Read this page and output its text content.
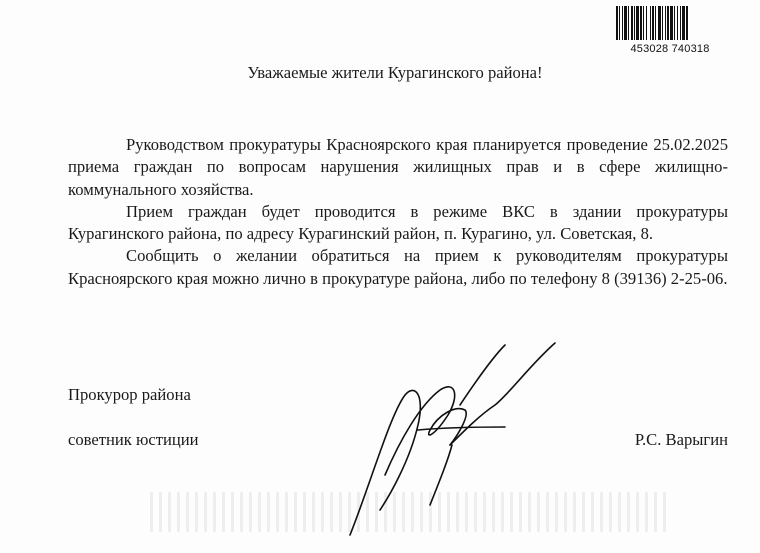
453028 740318
Уважаемые жители Курагинского района!

Руководством прокуратуры Красноярского края планируется проведение 25.02.2025 приема граждан по вопросам нарушения жилищных прав и в сфере жилищно-коммунального хозяйства.

Прием граждан будет проводится в режиме ВКС в здании прокуратуры Курагинского района, по адресу Курагинский район, п. Курагино, ул. Советская, 8.

Сообщить о желании обратиться на прием к руководителям прокуратуры Красноярского края можно лично в прокуратуре района, либо по телефону 8 (39136) 2-25-06.

Прокурор района
советник юстиции	Р.С. Варыгин
